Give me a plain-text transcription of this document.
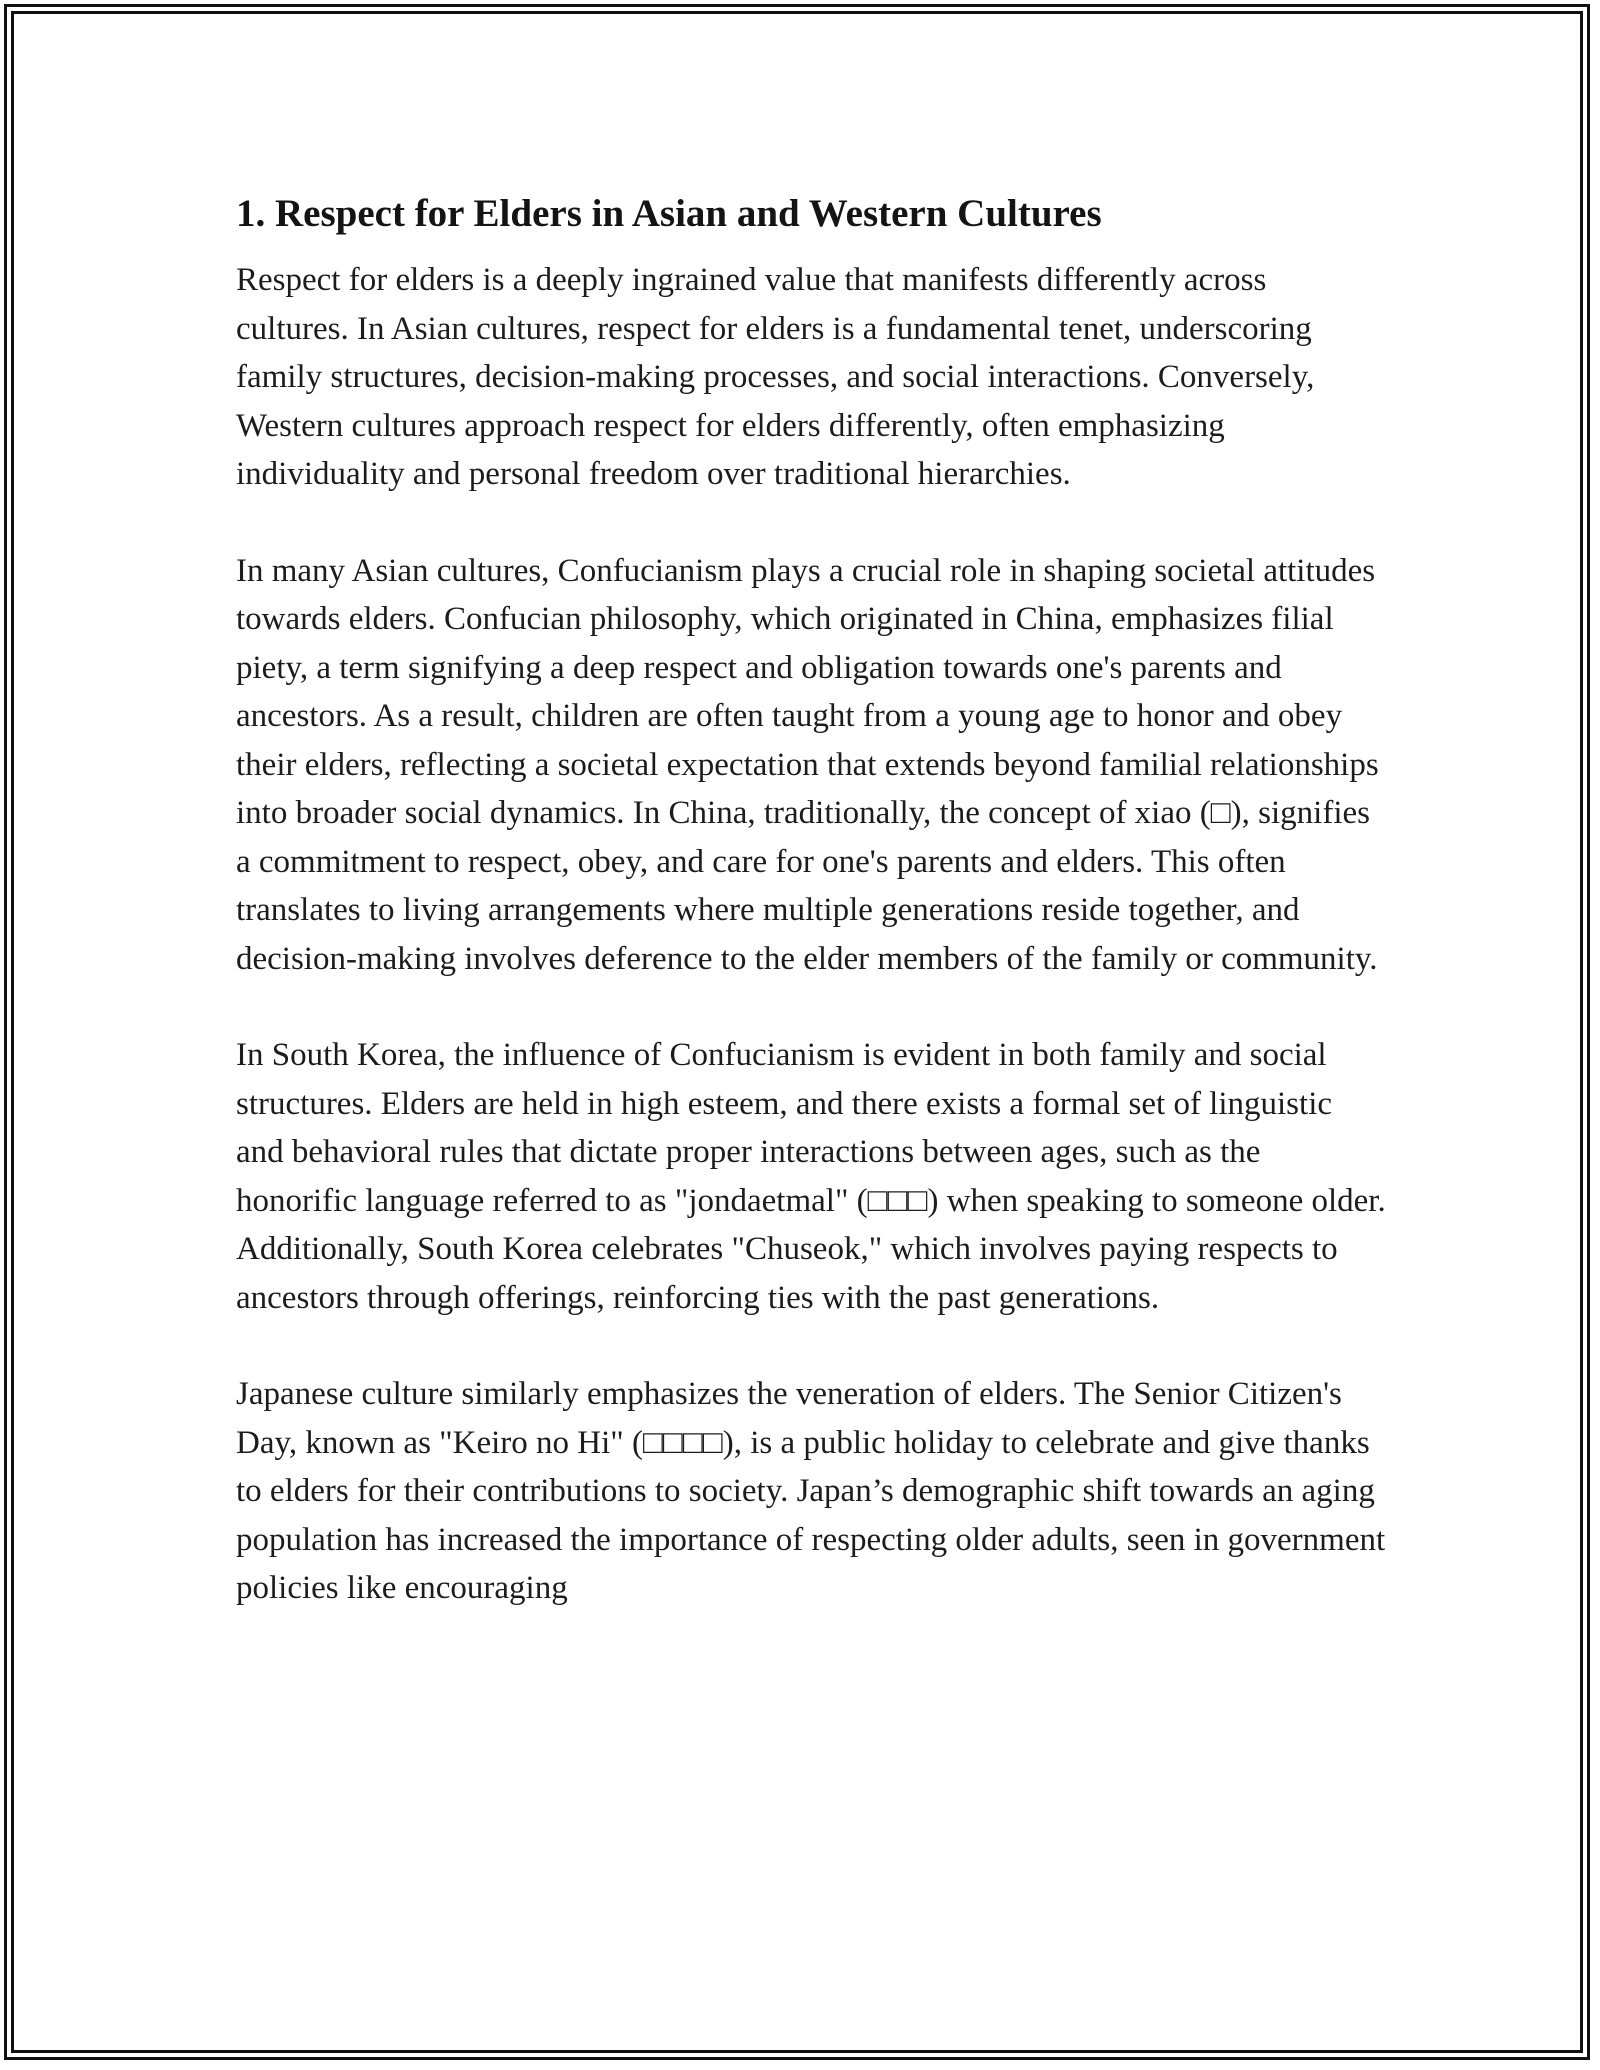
1. Respect for Elders in Asian and Western Cultures

Respect for elders is a deeply ingrained value that manifests differently across cultures. In Asian cultures, respect for elders is a fundamental tenet, underscoring family structures, decision-making processes, and social interactions. Conversely, Western cultures approach respect for elders differently, often emphasizing individuality and personal freedom over traditional hierarchies.

In many Asian cultures, Confucianism plays a crucial role in shaping societal attitudes towards elders. Confucian philosophy, which originated in China, emphasizes filial piety, a term signifying a deep respect and obligation towards one's parents and ancestors. As a result, children are often taught from a young age to honor and obey their elders, reflecting a societal expectation that extends beyond familial relationships into broader social dynamics. In China, traditionally, the concept of xiao (□), signifies a commitment to respect, obey, and care for one's parents and elders. This often translates to living arrangements where multiple generations reside together, and decision-making involves deference to the elder members of the family or community.

In South Korea, the influence of Confucianism is evident in both family and social structures. Elders are held in high esteem, and there exists a formal set of linguistic and behavioral rules that dictate proper interactions between ages, such as the honorific language referred to as "jondaetmal" (□□□) when speaking to someone older. Additionally, South Korea celebrates "Chuseok," which involves paying respects to ancestors through offerings, reinforcing ties with the past generations.

Japanese culture similarly emphasizes the veneration of elders. The Senior Citizen's Day, known as "Keiro no Hi" (□□□□), is a public holiday to celebrate and give thanks to elders for their contributions to society. Japan’s demographic shift towards an aging population has increased the importance of respecting older adults, seen in government policies like encouraging
